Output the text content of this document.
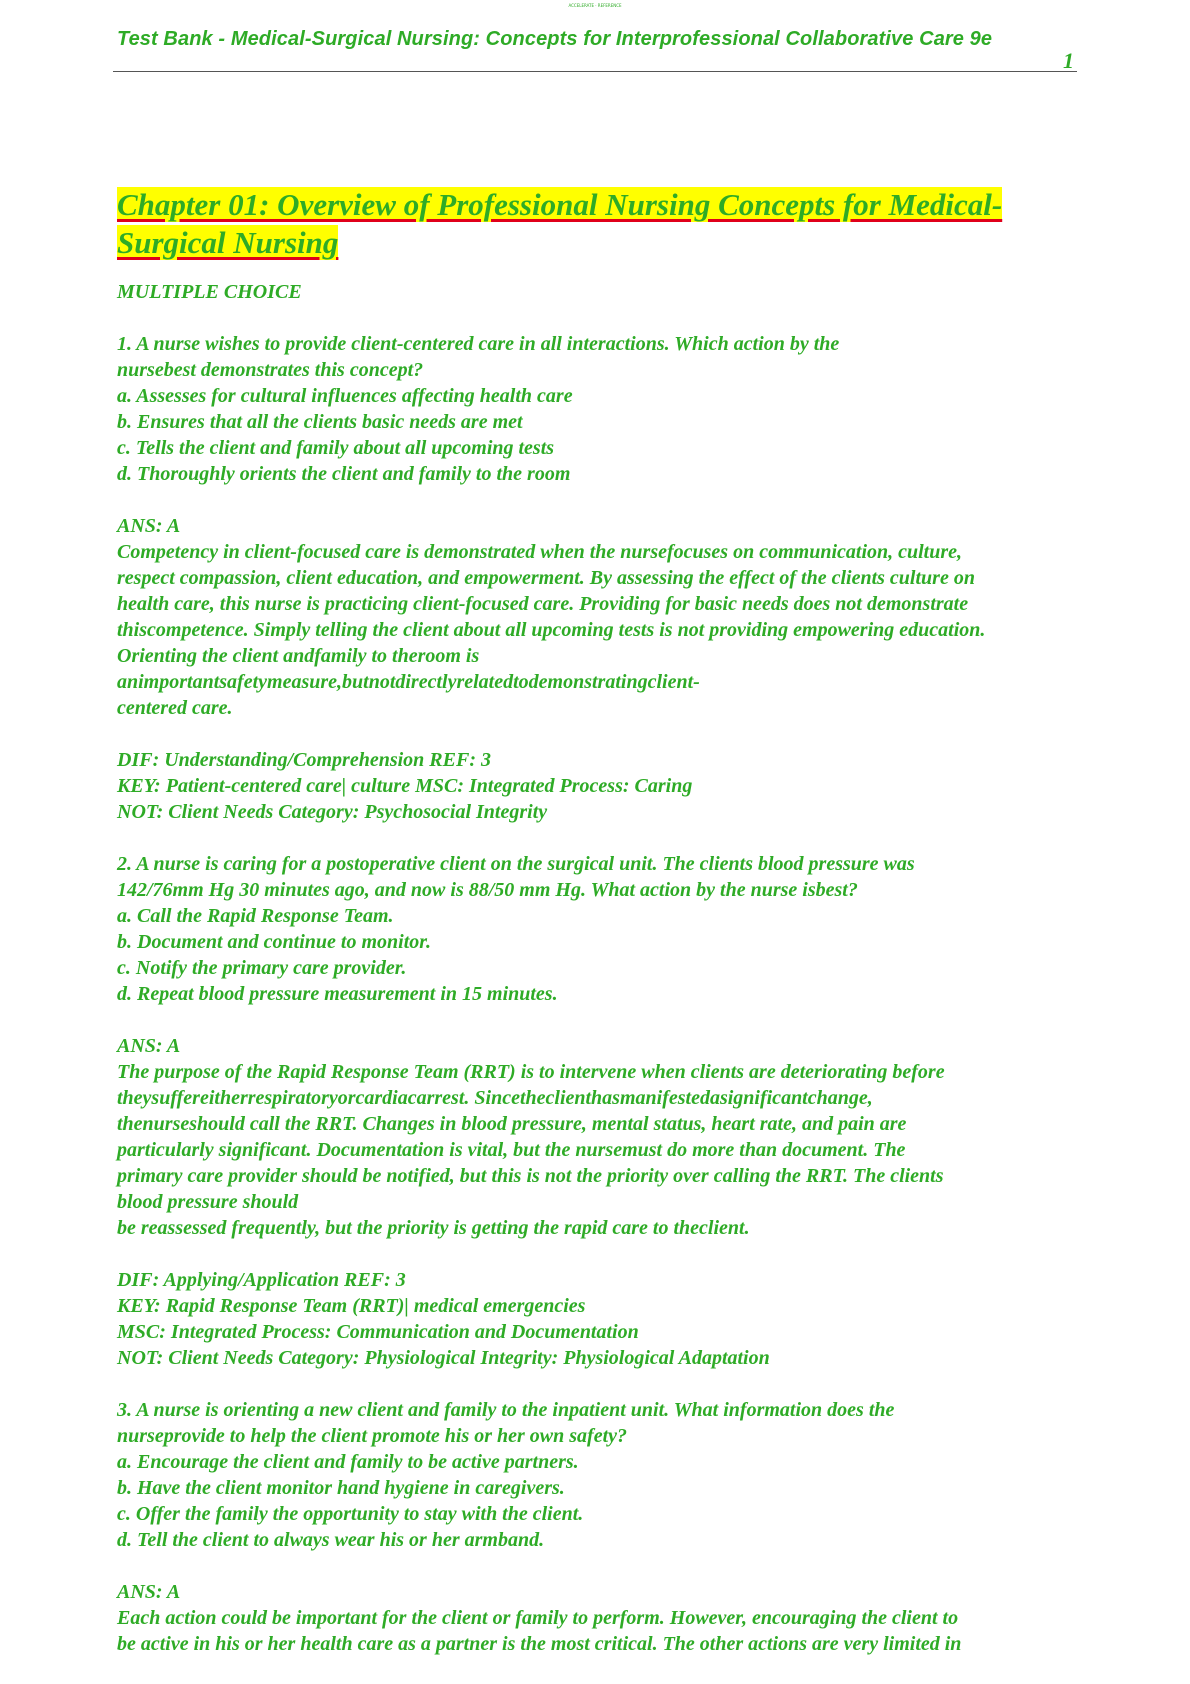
ACCELERATE · REFERENCE
Test Bank - Medical-Surgical Nursing: Concepts for Interprofessional Collaborative Care 9e
1
Chapter 01: Overview of Professional Nursing Concepts for Medical-Surgical Nursing

MULTIPLE CHOICE

1. A nurse wishes to provide client-centered care in all interactions. Which action by the

nursebest demonstrates this concept?

a. Assesses for cultural influences affecting health care

b. Ensures that all the clients basic needs are met

c. Tells the client and family about all upcoming tests

d. Thoroughly orients the client and family to the room

ANS: A

Competency in client-focused care is demonstrated when the nursefocuses on communication, culture,

respect compassion, client education, and empowerment. By assessing the effect of the clients culture on

health care, this nurse is practicing client-focused care. Providing for basic needs does not demonstrate

thiscompetence. Simply telling the client about all upcoming tests is not providing empowering education.

Orienting the client andfamily to theroom is

animportantsafetymeasure,butnotdirectlyrelatedtodemonstratingclient-

centered care.

DIF: Understanding/Comprehension REF: 3

KEY: Patient-centered care| culture MSC: Integrated Process: Caring

NOT: Client Needs Category: Psychosocial Integrity

2. A nurse is caring for a postoperative client on the surgical unit. The clients blood pressure was

142/76mm Hg 30 minutes ago, and now is 88/50 mm Hg. What action by the nurse isbest?

a. Call the Rapid Response Team.

b. Document and continue to monitor.

c. Notify the primary care provider.

d. Repeat blood pressure measurement in 15 minutes.

ANS: A

The purpose of the Rapid Response Team (RRT) is to intervene when clients are deteriorating before

theysuffereitherrespiratoryorcardiacarrest. Sincetheclienthasmanifestedasignificantchange,

thenurseshould call the RRT. Changes in blood pressure, mental status, heart rate, and pain are

particularly significant. Documentation is vital, but the nursemust do more than document. The

primary care provider should be notified, but this is not the priority over calling the RRT. The clients

blood pressure should

be reassessed frequently, but the priority is getting the rapid care to theclient.

DIF: Applying/Application REF: 3

KEY: Rapid Response Team (RRT)| medical emergencies

MSC: Integrated Process: Communication and Documentation

NOT: Client Needs Category: Physiological Integrity: Physiological Adaptation

3. A nurse is orienting a new client and family to the inpatient unit. What information does the

nurseprovide to help the client promote his or her own safety?

a. Encourage the client and family to be active partners.

b. Have the client monitor hand hygiene in caregivers.

c. Offer the family the opportunity to stay with the client.

d. Tell the client to always wear his or her armband.

ANS: A

Each action could be important for the client or family to perform. However, encouraging the client to

be active in his or her health care as a partner is the most critical. The other actions are very limited in
